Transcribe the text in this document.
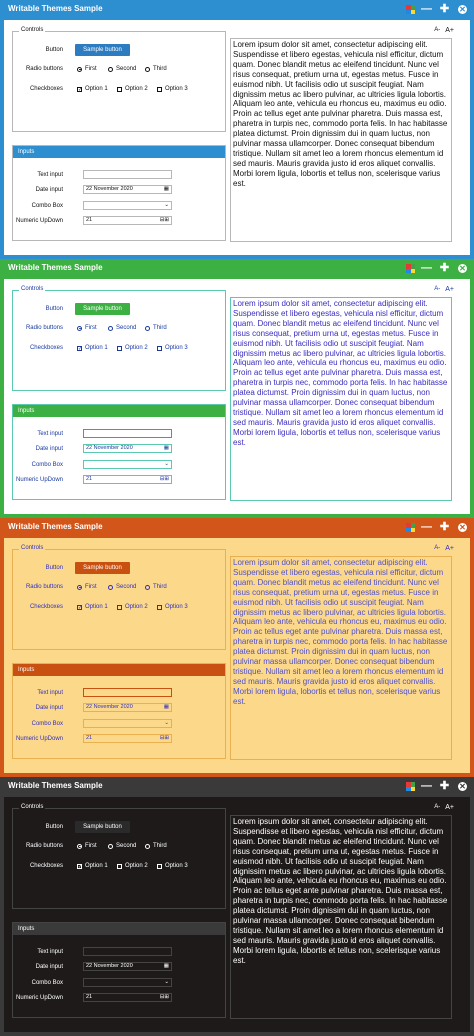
Writable Themes Sample	— ✚ ✕
A- A+
Controls
Button	Sample button
Radio buttons	First	Second	Third
Checkboxes	✓ Option 1	Option 2	Option 3
Inputs
Text input
Date input	22 November 2020	▦
Combo Box	⌄
Numeric UpDown	21	⊟⊞
Lorem ipsum dolor sit amet, consectetur adipiscing elit. Suspendisse et libero egestas, vehicula nisl efficitur, dictum quam. Donec blandit metus ac eleifend tincidunt. Nunc vel risus consequat, pretium urna ut, egestas metus. Fusce in euismod nibh. Ut facilisis odio ut suscipit feugiat. Nam dignissim metus ac libero pulvinar, ac ultricies ligula lobortis. Aliquam leo ante, vehicula eu rhoncus eu, maximus eu odio. Proin ac tellus eget ante pulvinar pharetra. Duis massa est, pharetra in turpis nec, commodo porta felis. In hac habitasse platea dictumst. Proin dignissim dui in quam luctus, non pulvinar massa ullamcorper. Donec consequat bibendum tristique. Nullam sit amet leo a lorem rhoncus elementum id sed mauris. Mauris gravida justo id eros aliquet convallis. Morbi lorem ligula, lobortis et tellus non, scelerisque varius est.
Writable Themes Sample	— ✚ ✕
A- A+
Controls
Button	Sample button
Radio buttons	First	Second	Third
Checkboxes	✓ Option 1	Option 2	Option 3
Inputs
Text input
Date input	22 November 2020	▦
Combo Box	⌄
Numeric UpDown	21	⊟⊞
Lorem ipsum dolor sit amet, consectetur adipiscing elit. Suspendisse et libero egestas, vehicula nisl efficitur, dictum quam. Donec blandit metus ac eleifend tincidunt. Nunc vel risus consequat, pretium urna ut, egestas metus. Fusce in euismod nibh. Ut facilisis odio ut suscipit feugiat. Nam dignissim metus ac libero pulvinar, ac ultricies ligula lobortis. Aliquam leo ante, vehicula eu rhoncus eu, maximus eu odio. Proin ac tellus eget ante pulvinar pharetra. Duis massa est, pharetra in turpis nec, commodo porta felis. In hac habitasse platea dictumst. Proin dignissim dui in quam luctus, non pulvinar massa ullamcorper. Donec consequat bibendum tristique. Nullam sit amet leo a lorem rhoncus elementum id sed mauris. Mauris gravida justo id eros aliquet convallis. Morbi lorem ligula, lobortis et tellus non, scelerisque varius est.
Writable Themes Sample	— ✚ ✕
A- A+
Controls
Button	Sample button
Radio buttons	First	Second	Third
Checkboxes	✓ Option 1	Option 2	Option 3
Inputs
Text input
Date input	22 November 2020	▦
Combo Box	⌄
Numeric UpDown	21	⊟⊞
Lorem ipsum dolor sit amet, consectetur adipiscing elit. Suspendisse et libero egestas, vehicula nisl efficitur, dictum quam. Donec blandit metus ac eleifend tincidunt. Nunc vel risus consequat, pretium urna ut, egestas metus. Fusce in euismod nibh. Ut facilisis odio ut suscipit feugiat. Nam dignissim metus ac libero pulvinar, ac ultricies ligula lobortis. Aliquam leo ante, vehicula eu rhoncus eu, maximus eu odio. Proin ac tellus eget ante pulvinar pharetra. Duis massa est, pharetra in turpis nec, commodo porta felis. In hac habitasse platea dictumst. Proin dignissim dui in quam luctus, non pulvinar massa ullamcorper. Donec consequat bibendum tristique. Nullam sit amet leo a lorem rhoncus elementum id sed mauris. Mauris gravida justo id eros aliquet convallis. Morbi lorem ligula, lobortis et tellus non, scelerisque varius est.
Writable Themes Sample	— ✚ ✕
A- A+
Controls
Button	Sample button
Radio buttons	First	Second	Third
Checkboxes	✓ Option 1	Option 2	Option 3
Inputs
Text input
Date input	22 November 2020	▦
Combo Box	⌄
Numeric UpDown	21	⊟⊞
Lorem ipsum dolor sit amet, consectetur adipiscing elit. Suspendisse et libero egestas, vehicula nisl efficitur, dictum quam. Donec blandit metus ac eleifend tincidunt. Nunc vel risus consequat, pretium urna ut, egestas metus. Fusce in euismod nibh. Ut facilisis odio ut suscipit feugiat. Nam dignissim metus ac libero pulvinar, ac ultricies ligula lobortis. Aliquam leo ante, vehicula eu rhoncus eu, maximus eu odio. Proin ac tellus eget ante pulvinar pharetra. Duis massa est, pharetra in turpis nec, commodo porta felis. In hac habitasse platea dictumst. Proin dignissim dui in quam luctus, non pulvinar massa ullamcorper. Donec consequat bibendum tristique. Nullam sit amet leo a lorem rhoncus elementum id sed mauris. Mauris gravida justo id eros aliquet convallis. Morbi lorem ligula, lobortis et tellus non, scelerisque varius est.
